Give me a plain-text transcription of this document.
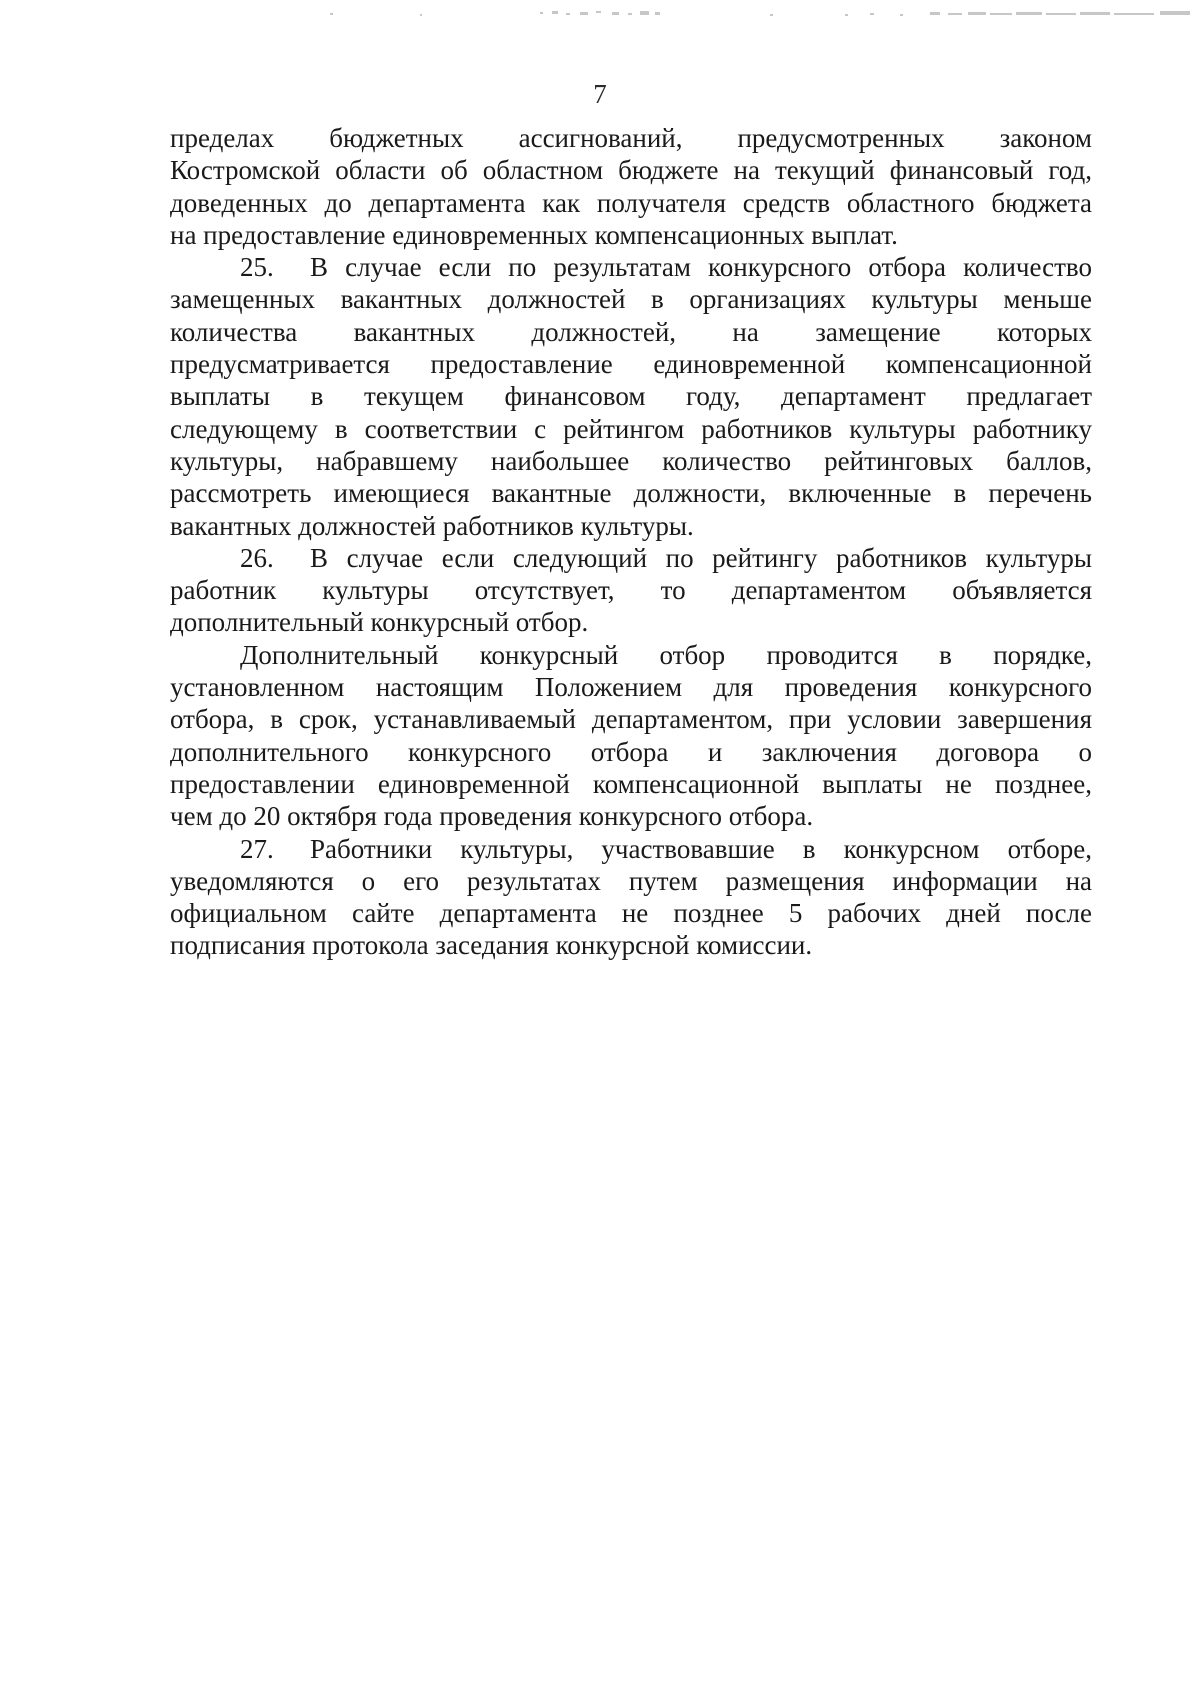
7

пределах бюджетных ассигнований, предусмотренных законом
Костромской области об областном бюджете на текущий финансовый год,
доведенных до департамента как получателя средств областного бюджета
на предоставление единовременных компенсационных выплат.

25. В случае если по результатам конкурсного отбора количество
замещенных вакантных должностей в организациях культуры меньше
количества вакантных должностей, на замещение которых
предусматривается предоставление единовременной компенсационной
выплаты в текущем финансовом году, департамент предлагает
следующему в соответствии с рейтингом работников культуры работнику
культуры, набравшему наибольшее количество рейтинговых баллов,
рассмотреть имеющиеся вакантные должности, включенные в перечень
вакантных должностей работников культуры.

26. В случае если следующий по рейтингу работников культуры
работник культуры отсутствует, то департаментом объявляется
дополнительный конкурсный отбор.

Дополнительный конкурсный отбор проводится в порядке,
установленном настоящим Положением для проведения конкурсного
отбора, в срок, устанавливаемый департаментом, при условии завершения
дополнительного конкурсного отбора и заключения договора о
предоставлении единовременной компенсационной выплаты не позднее,
чем до 20 октября года проведения конкурсного отбора.

27. Работники культуры, участвовавшие в конкурсном отборе,
уведомляются о его результатах путем размещения информации на
официальном сайте департамента не позднее 5 рабочих дней после
подписания протокола заседания конкурсной комиссии.
